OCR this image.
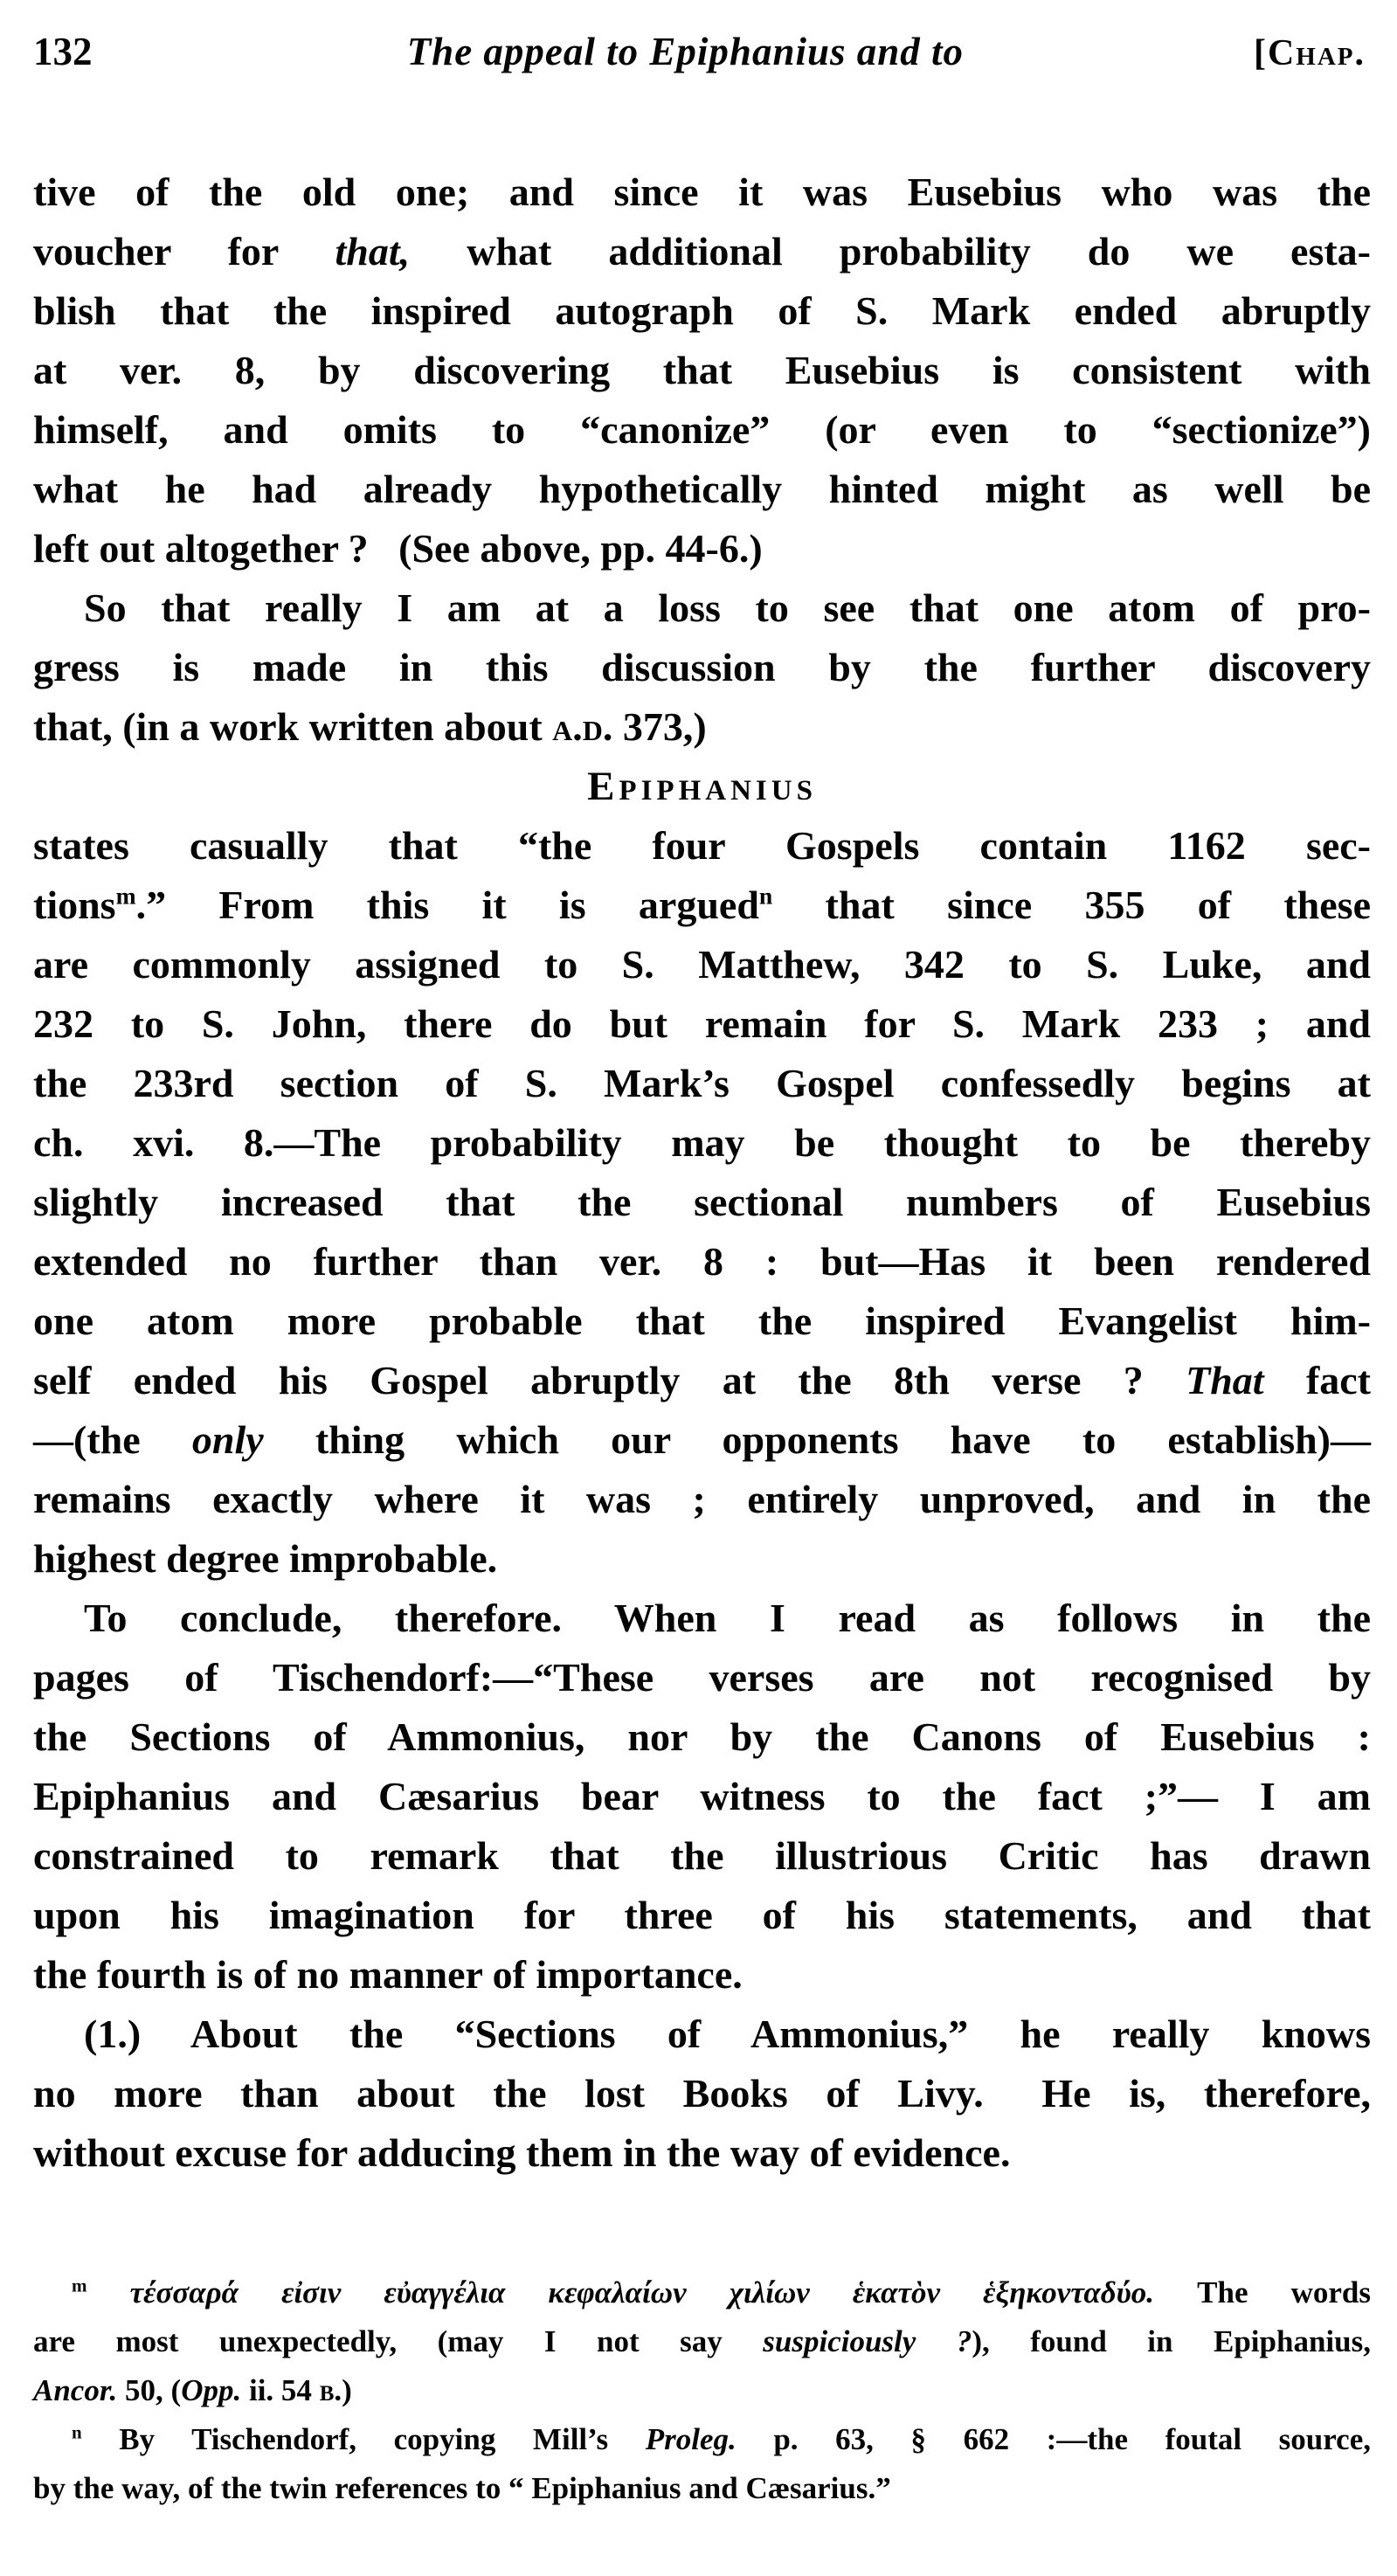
132	The appeal to Epiphanius and to	[Chap.
tive of the old one; and since it was Eusebius who was the
voucher for that, what additional probability do we esta-
blish that the inspired autograph of S. Mark ended abruptly
at ver. 8, by discovering that Eusebius is consistent with
himself, and omits to “canonize” (or even to “sectionize”)
what he had already hypothetically hinted might as well be
left out altogether ?  (See above, pp. 44-6.)
So that really I am at a loss to see that one atom of pro-
gress is made in this discussion by the further discovery
that, (in a work written about a.d. 373,)
Epiphanius
states casually that “the four Gospels contain 1162 sec-
tions$^m$.” From this it is argued$^n$ that since 355 of these
are commonly assigned to S. Matthew, 342 to S. Luke, and
232 to S. John, there do but remain for S. Mark 233 ; and
the 233rd section of S. Mark’s Gospel confessedly begins at
ch. xvi. 8.—The probability may be thought to be thereby
slightly increased that the sectional numbers of Eusebius
extended no further than ver. 8 : but—Has it been rendered
one atom more probable that the inspired Evangelist him-
self ended his Gospel abruptly at the 8th verse ? That fact
—(the only thing which our opponents have to establish)—
remains exactly where it was ; entirely unproved, and in the
highest degree improbable.
To conclude, therefore. When I read as follows in the
pages of Tischendorf:—“These verses are not recognised by
the Sections of Ammonius, nor by the Canons of Eusebius :
Epiphanius and Cæsarius bear witness to the fact ;”— I am
constrained to remark that the illustrious Critic has drawn
upon his imagination for three of his statements, and that
the fourth is of no manner of importance.
(1.) About the “Sections of Ammonius,” he really knows
no more than about the lost Books of Livy.  He is, therefore,
without excuse for adducing them in the way of evidence.
$^m$ τέσσαρά εἰσιν εὐαγγέλια κεφαλαίων χιλίων ἑκατὸν ἑξηκονταδύο. The words
are most unexpectedly, (may I not say suspiciously ?), found in Epiphanius,
Ancor. 50, (Opp. ii. 54 b.)
$^n$ By Tischendorf, copying Mill’s Proleg. p. 63, § 662 :—the foutal source,
by the way, of the twin references to “ Epiphanius and Cæsarius.”
